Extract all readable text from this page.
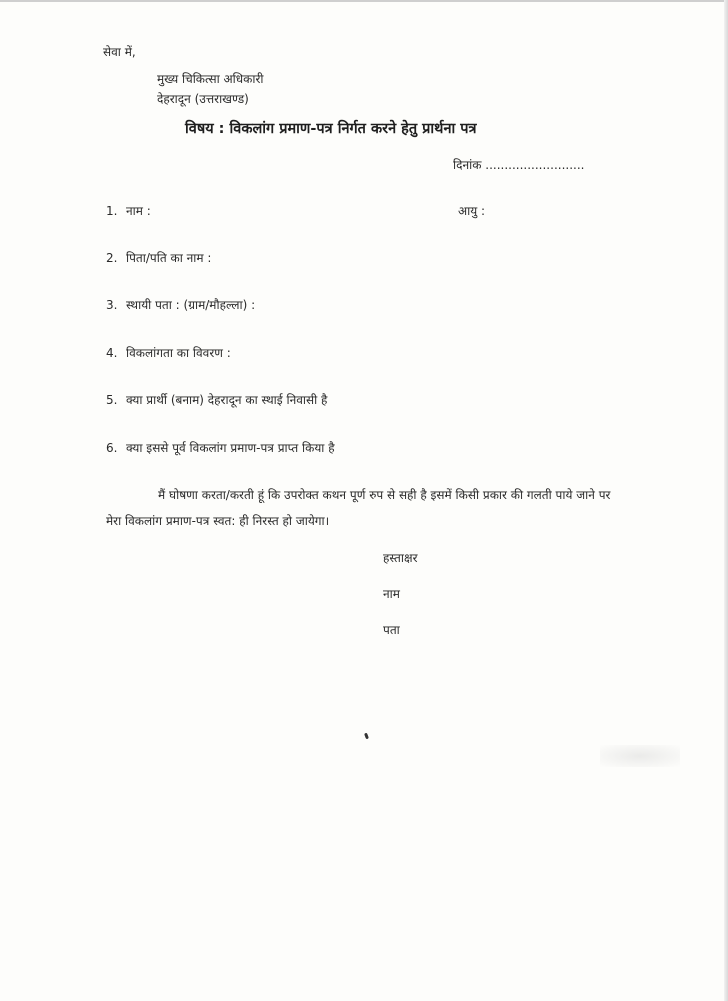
सेवा में,
मुख्य चिकित्सा अधिकारी
देहरादून (उत्तराखण्ड)
विषय : विकलांग प्रमाण-पत्र निर्गत करने हेतु प्रार्थना पत्र
दिनांक ..........................
1. नाम :	आयु :
2. पिता/पति का नाम :
3. स्थायी पता : (ग्राम/मौहल्ला) :
4. विकलांगता का विवरण :
5. क्या प्रार्थी (बनाम) देहरादून का स्थाई निवासी है
6. क्या इससे पूर्व विकलांग प्रमाण-पत्र प्राप्त किया है
मैं घोषणा करता/करती हूं कि उपरोक्त कथन पूर्ण रुप से सही है इसमें किसी प्रकार की गलती पाये जाने पर मेरा विकलांग प्रमाण-पत्र स्वत: ही निरस्त हो जायेगा।
हस्ताक्षर
नाम
पता
